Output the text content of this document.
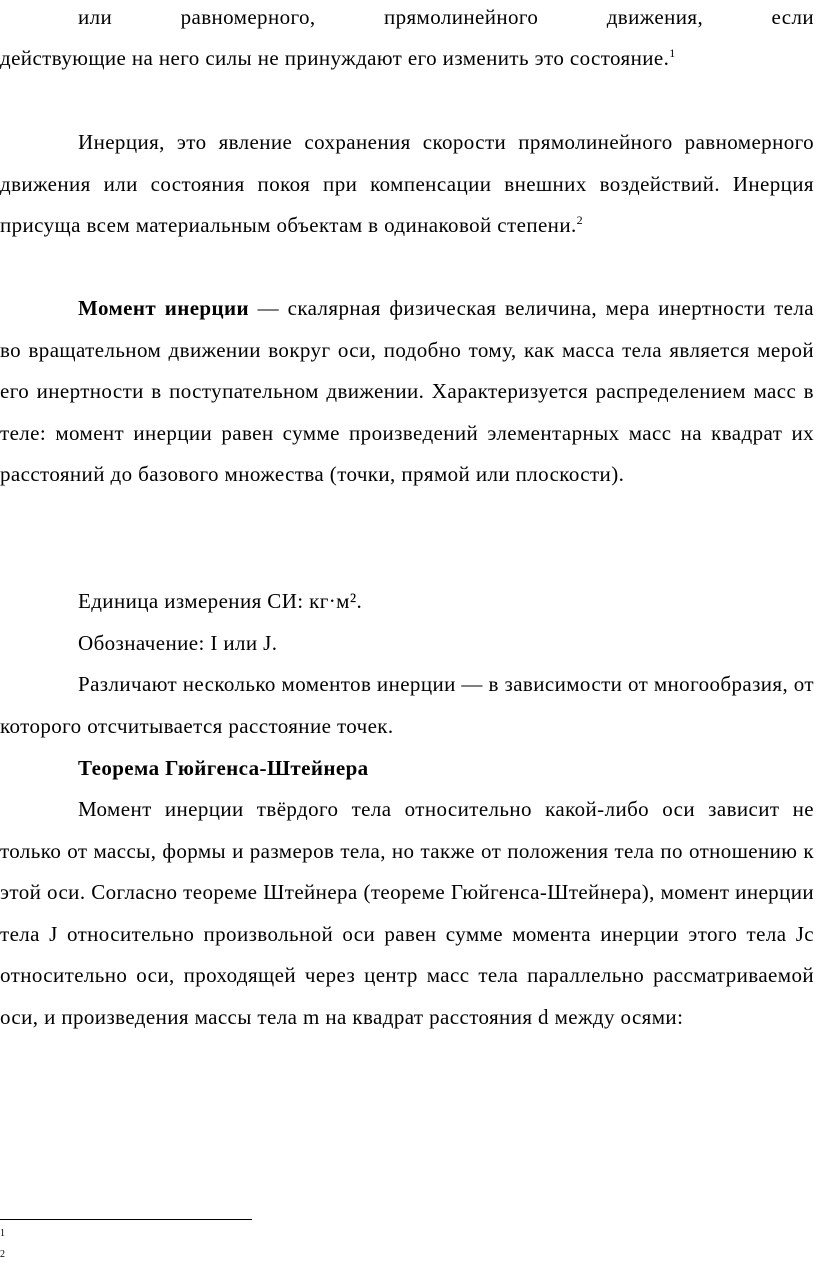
или равномерного, прямолинейного движения, если

действующие на него силы не принуждают его изменить это состояние.$^1$

Инерция, это явление сохранения скорости прямолинейного равномерного движения или состояния покоя при компенсации внешних воздействий. Инерция присуща всем материальным объектам в одинаковой степени.$^2$

Момент инерции — скалярная физическая величина, мера инертности тела во вращательном движении вокруг оси, подобно тому, как масса тела является мерой его инертности в поступательном движении. Характеризуется распределением масс в теле: момент инерции равен сумме произведений элементарных масс на квадрат их расстояний до базового множества (точки, прямой или плоскости).

Единица измерения СИ: кг·м².

Обозначение: I или J.

Различают несколько моментов инерции — в зависимости от многообразия, от которого отсчитывается расстояние точек.

Теорема Гюйгенса-Штейнера

Момент инерции твёрдого тела относительно какой-либо оси зависит не только от массы, формы и размеров тела, но также от положения тела по отношению к этой оси. Согласно теореме Штейнера (теореме Гюйгенса-Штейнера), момент инерции тела J относительно произвольной оси равен сумме момента инерции этого тела Jc относительно оси, проходящей через центр масс тела параллельно рассматриваемой оси, и произведения массы тела m на квадрат расстояния d между осями:

1
2
